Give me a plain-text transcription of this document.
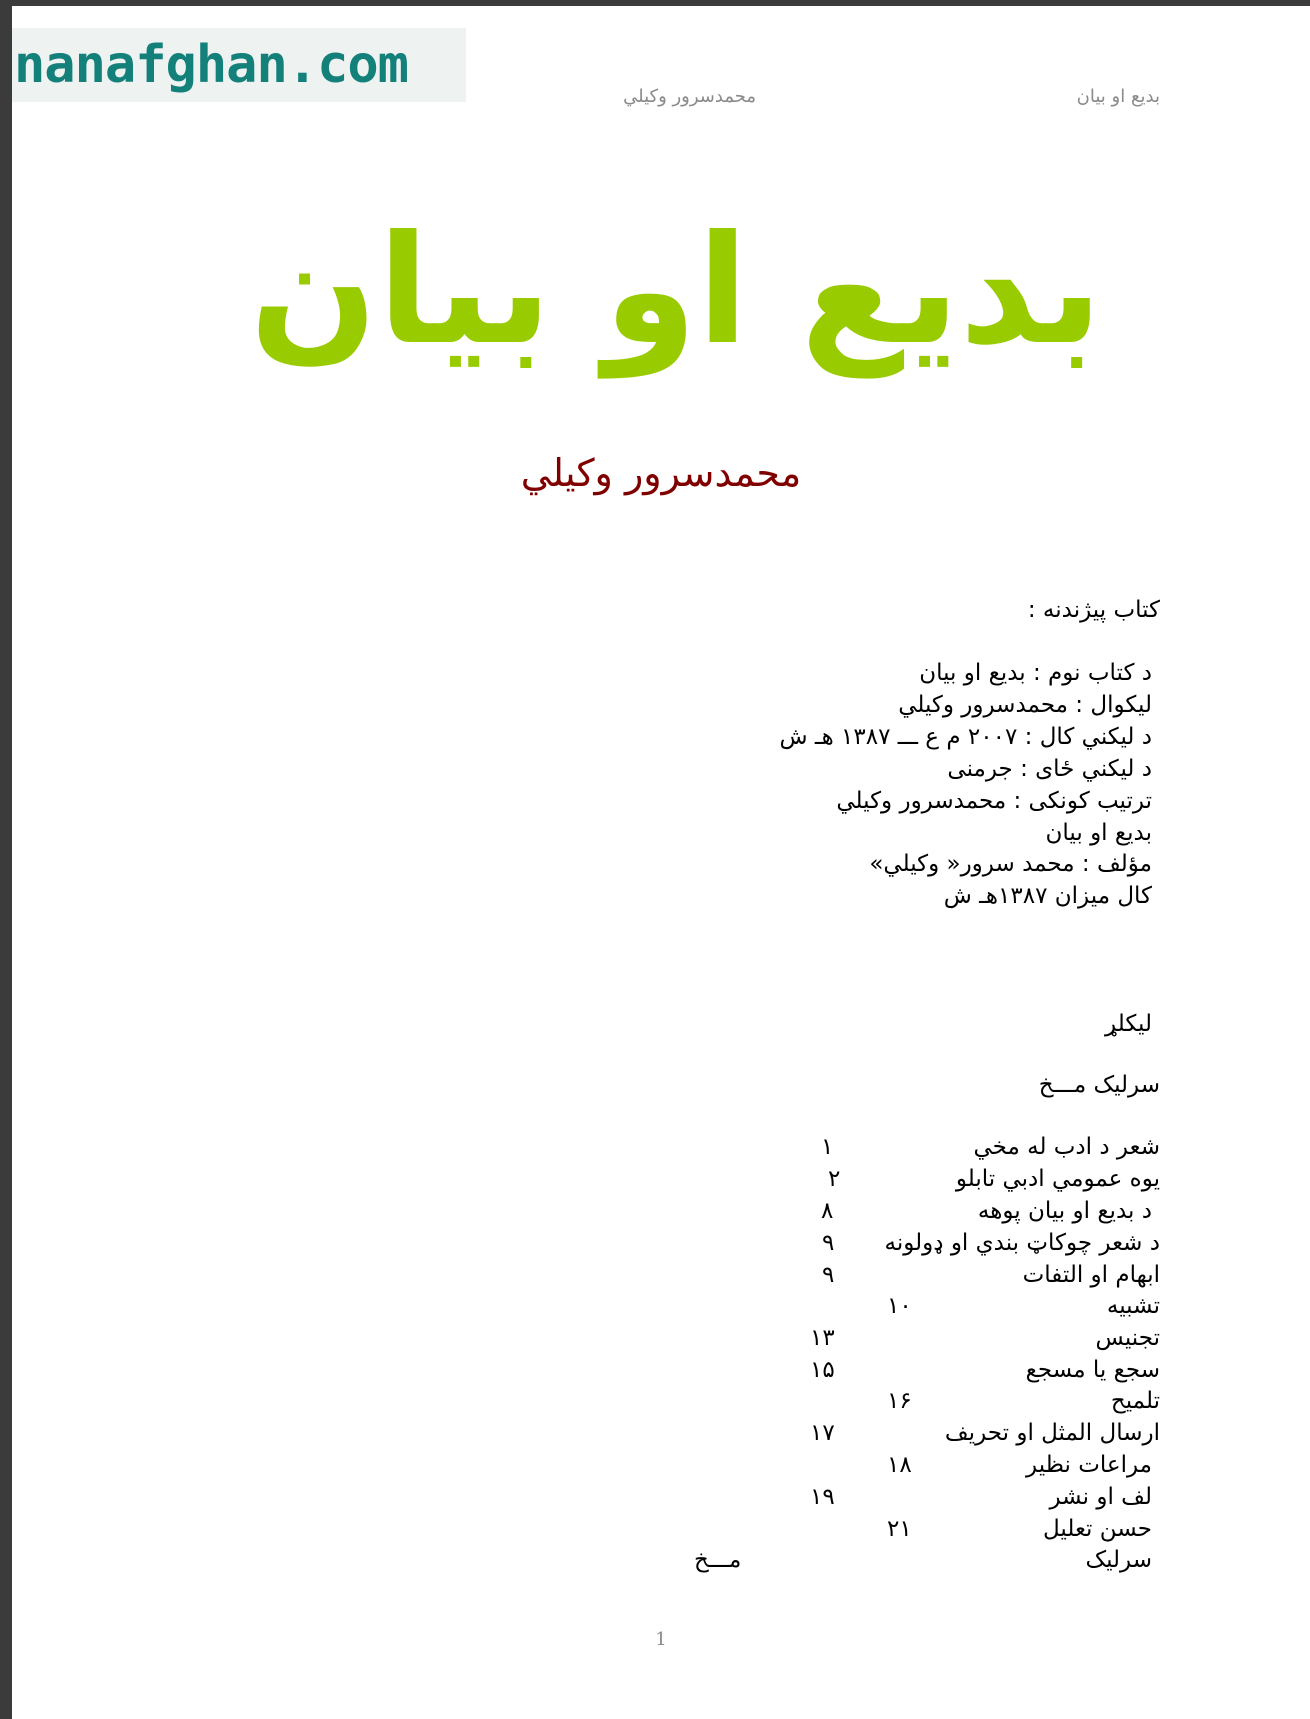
nanafghan.com
بديع او بيان
محمدسرور وکيلي
بديع او بيان
محمدسرور وکيلي
کتاب پيژندنه :
د کتاب نوم : بديع او بيان
ليکوال : محمدسرور وکيلي
د ليکني کال : ۲۰۰۷ م ع ـــ ۱۳۸۷ هـ ش
د ليکني ځاى : جرمنى
ترتيب کونکى : محمدسرور وکيلي
بديع او بيان
مؤلف : محمد سرور« وکيلي»
کال ميزان ۱۳۸۷هـ ش
ليکلړ
سرليک مـــخ
شعر د ادب له مخي
۱
يوه عمومي ادبي تابلو
۲
د بديع او بيان پوهه
۸
د شعر چوکاټ بندي او ډولونه
۹
ابهام او التفات
۹
تشبيه
۱۰
تجنيس
۱۳
سجع يا مسجع
۱۵
تلميح
۱۶
ارسال المثل او تحريف
۱۷
مراعات نظير
۱۸
لف او نشر
۱۹
حسن تعليل
۲۱
سرليک
مـــخ
1
